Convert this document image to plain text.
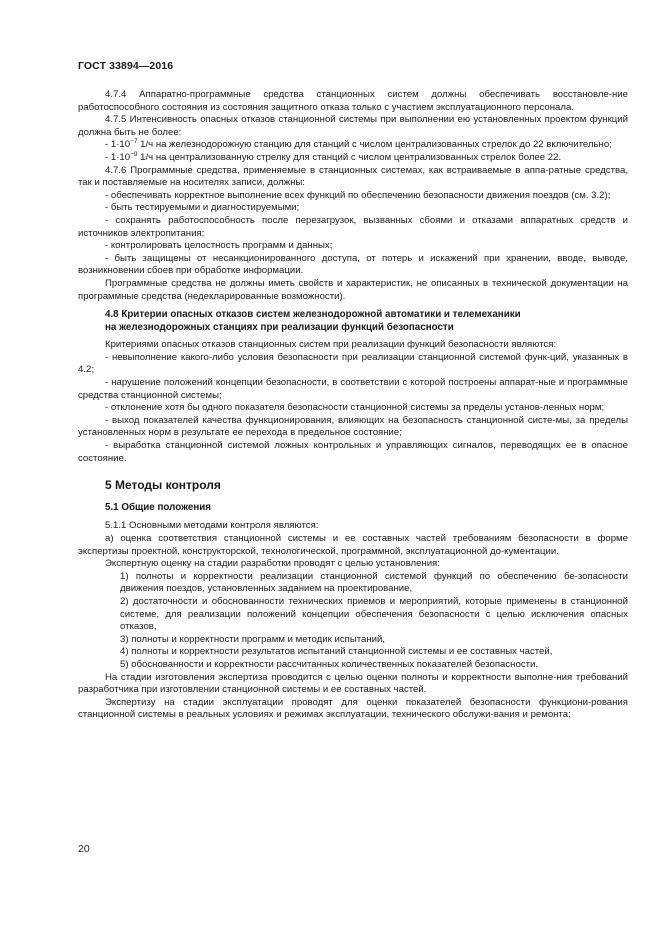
ГОСТ 33894—2016

4.7.4 Аппаратно-программные средства станционных систем должны обеспечивать восстановле-ние работоспособного состояния из состояния защитного отказа только с участием эксплуатационного персонала.

4.7.5 Интенсивность опасных отказов станционной системы при выполнении ею установленных проектом функций должна быть не более:

- $1\cdot 10^{-7}$ 1/ч на железнодорожную станцию для станций с числом централизованных стрелок до 22 включительно;

- $1\cdot 10^{-9}$ 1/ч на централизованную стрелку для станций с числом централизованных стрелок более 22.

4.7.6 Программные средства, применяемые в станционных системах, как встраиваемые в аппа-ратные средства, так и поставляемые на носителях записи, должны:

- обеспечивать корректное выполнение всех функций по обеспечению безопасности движения поездов (см. 3.2);

- быть тестируемыми и диагностируемыми;

- сохранять работоспособность после перезагрузок, вызванных сбоями и отказами аппаратных средств и источников электропитания;

- контролировать целостность программ и данных;

- быть защищены от несанкционированного доступа, от потерь и искажений при хранении, вводе, выводе, возникновении сбоев при обработке информации.

Программные средства не должны иметь свойств и характеристик, не описанных в технической документации на программные средства (недекларированные возможности).

4.8 Критерии опасных отказов систем железнодорожной автоматики и телемеханики
на железнодорожных станциях при реализации функций безопасности

Критериями опасных отказов станционных систем при реализации функций безопасности являются:

- невыполнение какого-либо условия безопасности при реализации станционной системой функ-ций, указанных в 4.2;

- нарушение положений концепции безопасности, в соответствии с которой построены аппарат-ные и программные средства станционной системы;

- отклонение хотя бы одного показателя безопасности станционной системы за пределы установ-ленных норм;

- выход показателей качества функционирования, влияющих на безопасность станционной систе-мы, за пределы установленных норм в результате ее перехода в предельное состояние;

- выработка станционной системой ложных контрольных и управляющих сигналов, переводящих ее в опасное состояние.

5 Методы контроля
5.1 Общие положения

5.1.1 Основными методами контроля являются:

а) оценка соответствия станционной системы и ее составных частей требованиям безопасности в форме экспертизы проектной, конструкторской, технологической, программной, эксплуатационной до-кументации.

Экспертную оценку на стадии разработки проводят с целью установления:

1) полноты и корректности реализации станционной системой функций по обеспечению бе-зопасности движения поездов, установленных заданием на проектирование,

2) достаточности и обоснованности технических приемов и мероприятий, которые применены в станционной системе, для реализации положений концепции обеспечения безопасности с целью исключения опасных отказов,

3) полноты и корректности программ и методик испытаний,

4) полноты и корректности результатов испытаний станционной системы и ее составных частей,

5) обоснованности и корректности рассчитанных количественных показателей безопасности.

На стадии изготовления экспертиза проводится с целью оценки полноты и корректности выполне-ния требований разработчика при изготовлении станционной системы и ее составных частей.

Экспертизу на стадии эксплуатации проводят для оценки показателей безопасности функциони-рования станционной системы в реальных условиях и режимах эксплуатации, технического обслужи-вания и ремонта;

20
